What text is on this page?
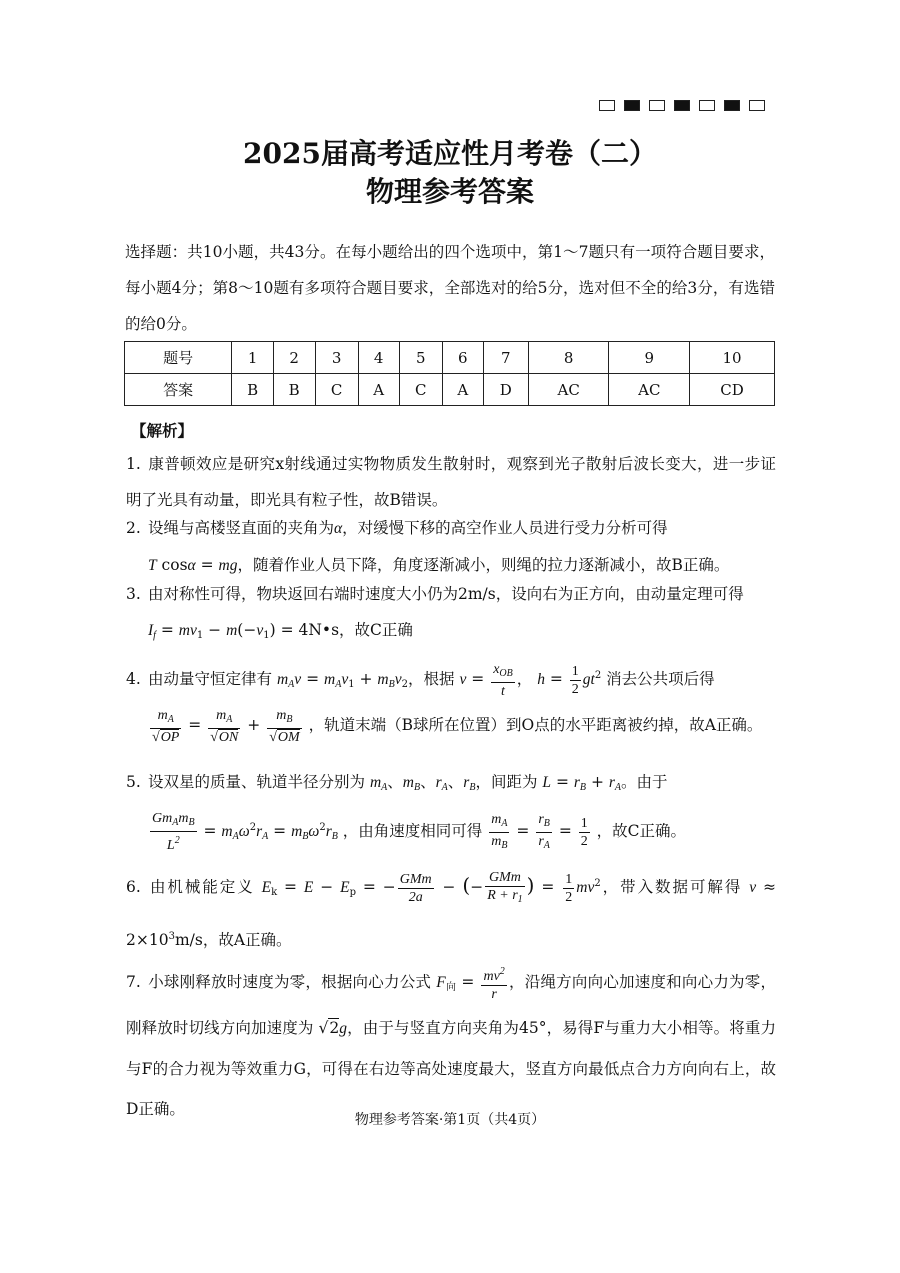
2025届高考适应性月考卷（二）
物理参考答案
选择题：共10小题，共43分。在每小题给出的四个选项中，第1～7题只有一项符合题目要求，每小题4分；第8～10题有多项符合题目要求，全部选对的给5分，选对但不全的给3分，有选错的给0分。
题号	1	2	3	4	5	6	7	8	9	10
答案	B	B	C	A	C	A	D	AC	AC	CD
【解析】
1. 康普顿效应是研究x射线通过实物物质发生散射时，观察到光子散射后波长变大，进一步证明了光具有动量，即光具有粒子性，故B错误。
2. 设绳与高楼竖直面的夹角为α，对缓慢下移的高空作业人员进行受力分析可得
T cosα = mg，随着作业人员下降，角度逐渐减小，则绳的拉力逐渐减小，故B正确。
3. 由对称性可得，物块返回右端时速度大小仍为2m/s，设向右为正方向，由动量定理可得
$I_f = mv_1 - m(-v_1)$ = 4N•s，故C正确
4. 由动量守恒定律有 $m_Av = m_Av_1 + m_Bv_2$，根据 $v = \frac{x_{OB}}{t}$ ， $h = \frac{1}{2} gt^2$ 消去公共项后得

$\frac{m_A}{√OP} = \frac{m_A}{√ON} + \frac{m_B}{√OM}$ ，轨道末端（B球所在位置）到O点的水平距离被约掉，故A正确。
5. 设双星的质量、轨道半径分别为 $m_A$、$m_B$、$r_A$、$r_B$，间距为 $L = r_B + r_A$。由于

$\frac{Gm_Am_B}{L^2} = m_A\omega^2r_A = m_B\omega^2r_B$ ，由角速度相同可得 $\frac{m_A}{m_B} = \frac{r_B}{r_A} = \frac{1}{2}$ ，故C正确。
6. 由机械能定义 $E_k = E - E_p$ = − $\frac{\text{GMm}}{2a}$ − (− $\frac{\text{GMm}}{R + r_1}$ ) = $\frac{1}{2} mv^2$，带入数据可解得 $v \approx 2\times 10^3m/s$，故A正确。
7. 小球刚释放时速度为零，根据向心力公式 $F_向 = \frac{mv^2}{r}$ ，沿绳方向向心加速度和向心力为零，刚释放时切线方向加速度为 √2g，由于与竖直方向夹角为45°，易得F与重力大小相等。将重力与F的合力视为等效重力G，可得在右边等高处速度最大，竖直方向最低点合力方向向右上，故D正确。
物理参考答案·第1页（共4页）
